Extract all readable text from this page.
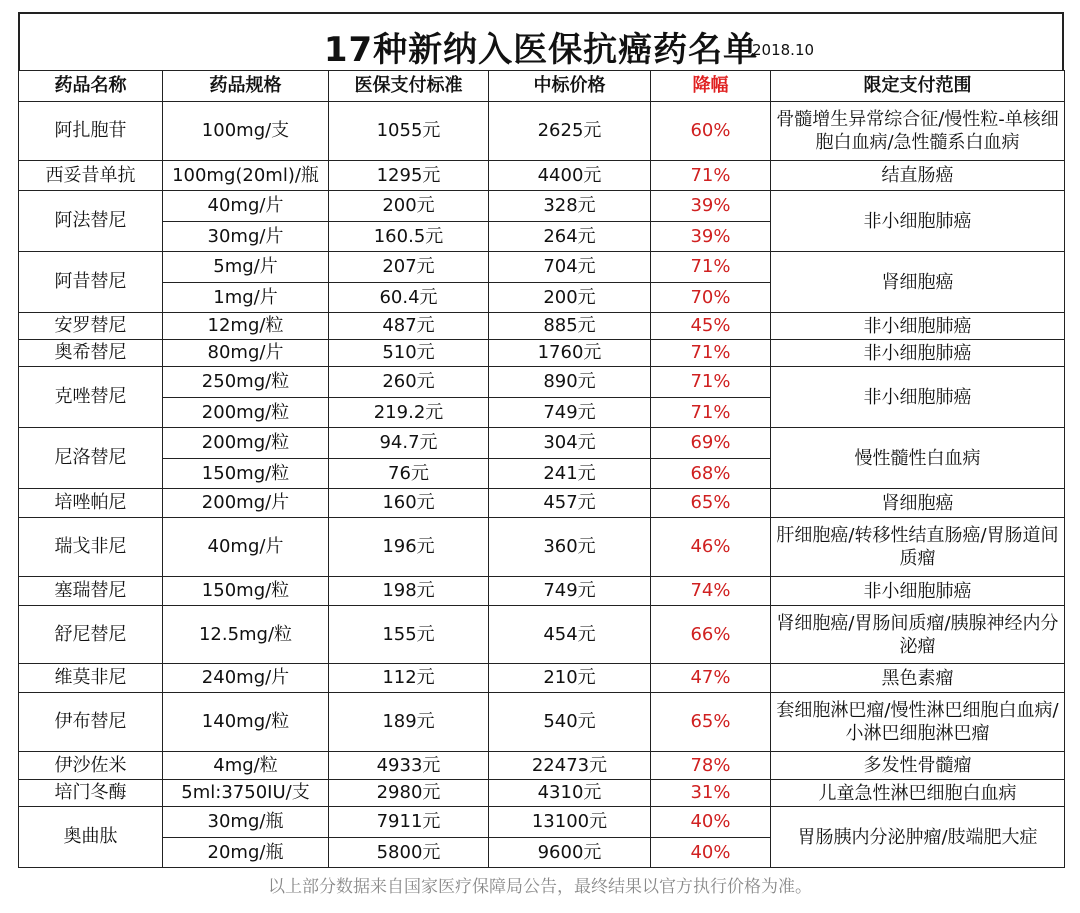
17种新纳入医保抗癌药名单
2018.10
药品名称	药品规格	医保支付标准	中标价格	降幅	限定支付范围
阿扎胞苷	100mg/支	1055元	2625元	60%	骨髓增生异常综合征/慢性粒-单核细胞白血病/急性髓系白血病
西妥昔单抗	100mg(20ml)/瓶	1295元	4400元	71%	结直肠癌
阿法替尼	40mg/片	200元	328元	39%	非小细胞肺癌
	30mg/片	160.5元	264元	39%	
阿昔替尼	5mg/片	207元	704元	71%	肾细胞癌
	1mg/片	60.4元	200元	70%	
安罗替尼	12mg/粒	487元	885元	45%	非小细胞肺癌
奥希替尼	80mg/片	510元	1760元	71%	非小细胞肺癌
克唑替尼	250mg/粒	260元	890元	71%	非小细胞肺癌
	200mg/粒	219.2元	749元	71%	
尼洛替尼	200mg/粒	94.7元	304元	69%	慢性髓性白血病
	150mg/粒	76元	241元	68%	
培唑帕尼	200mg/片	160元	457元	65%	肾细胞癌
瑞戈非尼	40mg/片	196元	360元	46%	肝细胞癌/转移性结直肠癌/胃肠道间质瘤
塞瑞替尼	150mg/粒	198元	749元	74%	非小细胞肺癌
舒尼替尼	12.5mg/粒	155元	454元	66%	肾细胞癌/胃肠间质瘤/胰腺神经内分泌瘤
维莫非尼	240mg/片	112元	210元	47%	黑色素瘤
伊布替尼	140mg/粒	189元	540元	65%	套细胞淋巴瘤/慢性淋巴细胞白血病/小淋巴细胞淋巴瘤
伊沙佐米	4mg/粒	4933元	22473元	78%	多发性骨髓瘤
培门冬酶	5ml:3750IU/支	2980元	4310元	31%	儿童急性淋巴细胞白血病
奥曲肽	30mg/瓶	7911元	13100元	40%	胃肠胰内分泌肿瘤/肢端肥大症
	20mg/瓶	5800元	9600元	40%	
以上部分数据来自国家医疗保障局公告，最终结果以官方执行价格为准。
